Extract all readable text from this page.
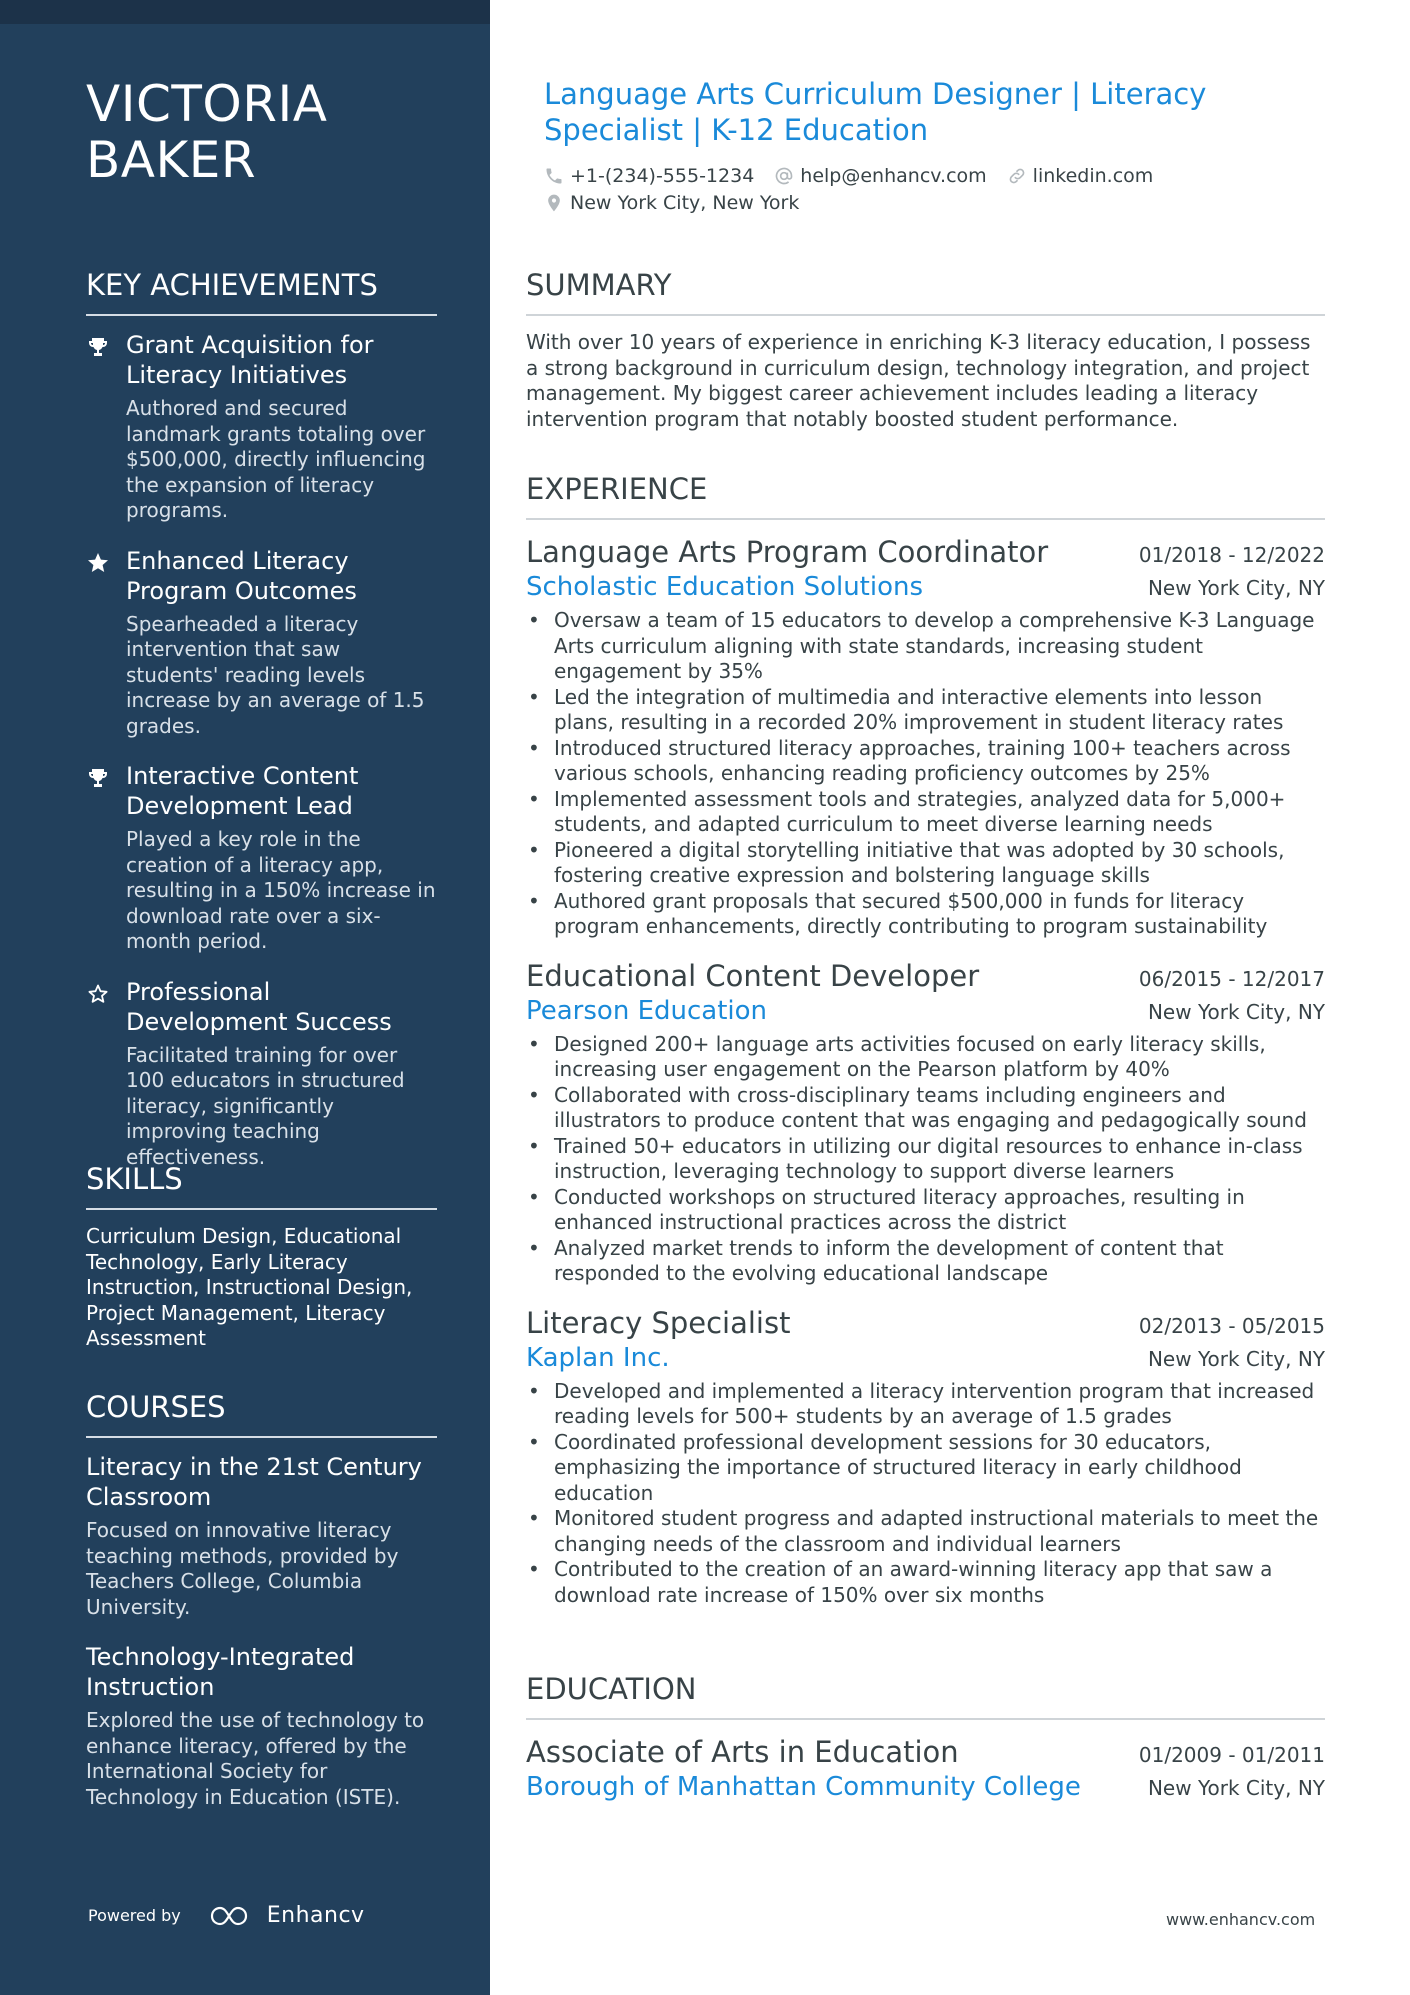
VICTORIA BAKER
KEY ACHIEVEMENTS
Grant Acquisition for Literacy Initiatives
Authored and secured landmark grants totaling over $500,000, directly influencing the expansion of literacy programs.
Enhanced Literacy Program Outcomes
Spearheaded a literacy intervention that saw students' reading levels increase by an average of 1.5 grades.
Interactive Content Development Lead
Played a key role in the creation of a literacy app, resulting in a 150% increase in download rate over a six-month period.
Professional Development Success
Facilitated training for over 100 educators in structured literacy, significantly improving teaching effectiveness.
SKILLS
Curriculum Design, Educational Technology, Early Literacy Instruction, Instructional Design, Project Management, Literacy Assessment
COURSES
Literacy in the 21st Century Classroom
Focused on innovative literacy teaching methods, provided by Teachers College, Columbia University.
Technology-Integrated Instruction
Explored the use of technology to enhance literacy, offered by the International Society for Technology in Education (ISTE).
Powered by	Enhancv
Language Arts Curriculum Designer | Literacy Specialist | K-12 Education
+1-(234)-555-1234 help@enhancv.com linkedin.com
New York City, New York
SUMMARY
With over 10 years of experience in enriching K-3 literacy education, I possess a strong background in curriculum design, technology integration, and project management. My biggest career achievement includes leading a literacy intervention program that notably boosted student performance.
EXPERIENCE
Language Arts Program Coordinator	01/2018 - 12/2022
Scholastic Education Solutions	New York City, NY
• Oversaw a team of 15 educators to develop a comprehensive K-3 Language Arts curriculum aligning with state standards, increasing student engagement by 35%
• Led the integration of multimedia and interactive elements into lesson plans, resulting in a recorded 20% improvement in student literacy rates
• Introduced structured literacy approaches, training 100+ teachers across various schools, enhancing reading proficiency outcomes by 25%
• Implemented assessment tools and strategies, analyzed data for 5,000+ students, and adapted curriculum to meet diverse learning needs
• Pioneered a digital storytelling initiative that was adopted by 30 schools, fostering creative expression and bolstering language skills
• Authored grant proposals that secured $500,000 in funds for literacy program enhancements, directly contributing to program sustainability
Educational Content Developer	06/2015 - 12/2017
Pearson Education	New York City, NY
• Designed 200+ language arts activities focused on early literacy skills, increasing user engagement on the Pearson platform by 40%
• Collaborated with cross-disciplinary teams including engineers and illustrators to produce content that was engaging and pedagogically sound
• Trained 50+ educators in utilizing our digital resources to enhance in-class instruction, leveraging technology to support diverse learners
• Conducted workshops on structured literacy approaches, resulting in enhanced instructional practices across the district
• Analyzed market trends to inform the development of content that responded to the evolving educational landscape
Literacy Specialist	02/2013 - 05/2015
Kaplan Inc.	New York City, NY
• Developed and implemented a literacy intervention program that increased reading levels for 500+ students by an average of 1.5 grades
• Coordinated professional development sessions for 30 educators, emphasizing the importance of structured literacy in early childhood education
• Monitored student progress and adapted instructional materials to meet the changing needs of the classroom and individual learners
• Contributed to the creation of an award-winning literacy app that saw a download rate increase of 150% over six months
EDUCATION
Associate of Arts in Education	01/2009 - 01/2011
Borough of Manhattan Community College	New York City, NY
www.enhancv.com
